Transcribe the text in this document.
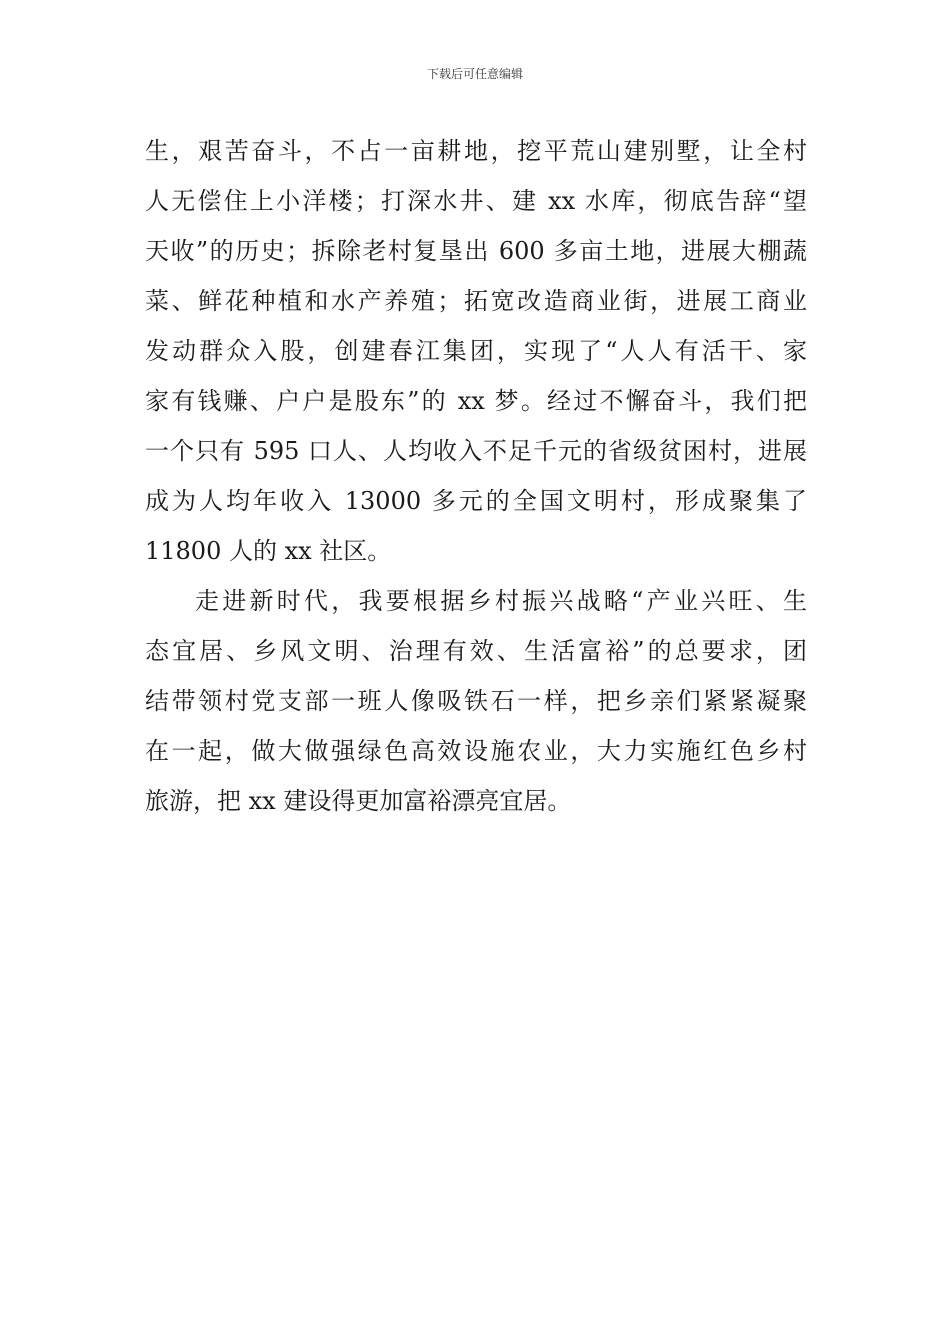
下载后可任意编辑
生，艰苦奋斗，不占一亩耕地，挖平荒山建别墅，让全村
人无偿住上小洋楼；打深水井、建 xx 水库，彻底告辞“望
天收”的历史；拆除老村复垦出 600 多亩土地，进展大棚蔬
菜、鲜花种植和水产养殖；拓宽改造商业街，进展工商业
发动群众入股，创建春江集团，实现了“人人有活干、家
家有钱赚、户户是股东”的 xx 梦。经过不懈奋斗，我们把
一个只有 595 口人、人均收入不足千元的省级贫困村，进展
成为人均年收入 13000 多元的全国文明村，形成聚集了
11800 人的 xx 社区。
走进新时代，我要根据乡村振兴战略“产业兴旺、生
态宜居、乡风文明、治理有效、生活富裕”的总要求，团
结带领村党支部一班人像吸铁石一样，把乡亲们紧紧凝聚
在一起，做大做强绿色高效设施农业，大力实施红色乡村
旅游，把 xx 建设得更加富裕漂亮宜居。
